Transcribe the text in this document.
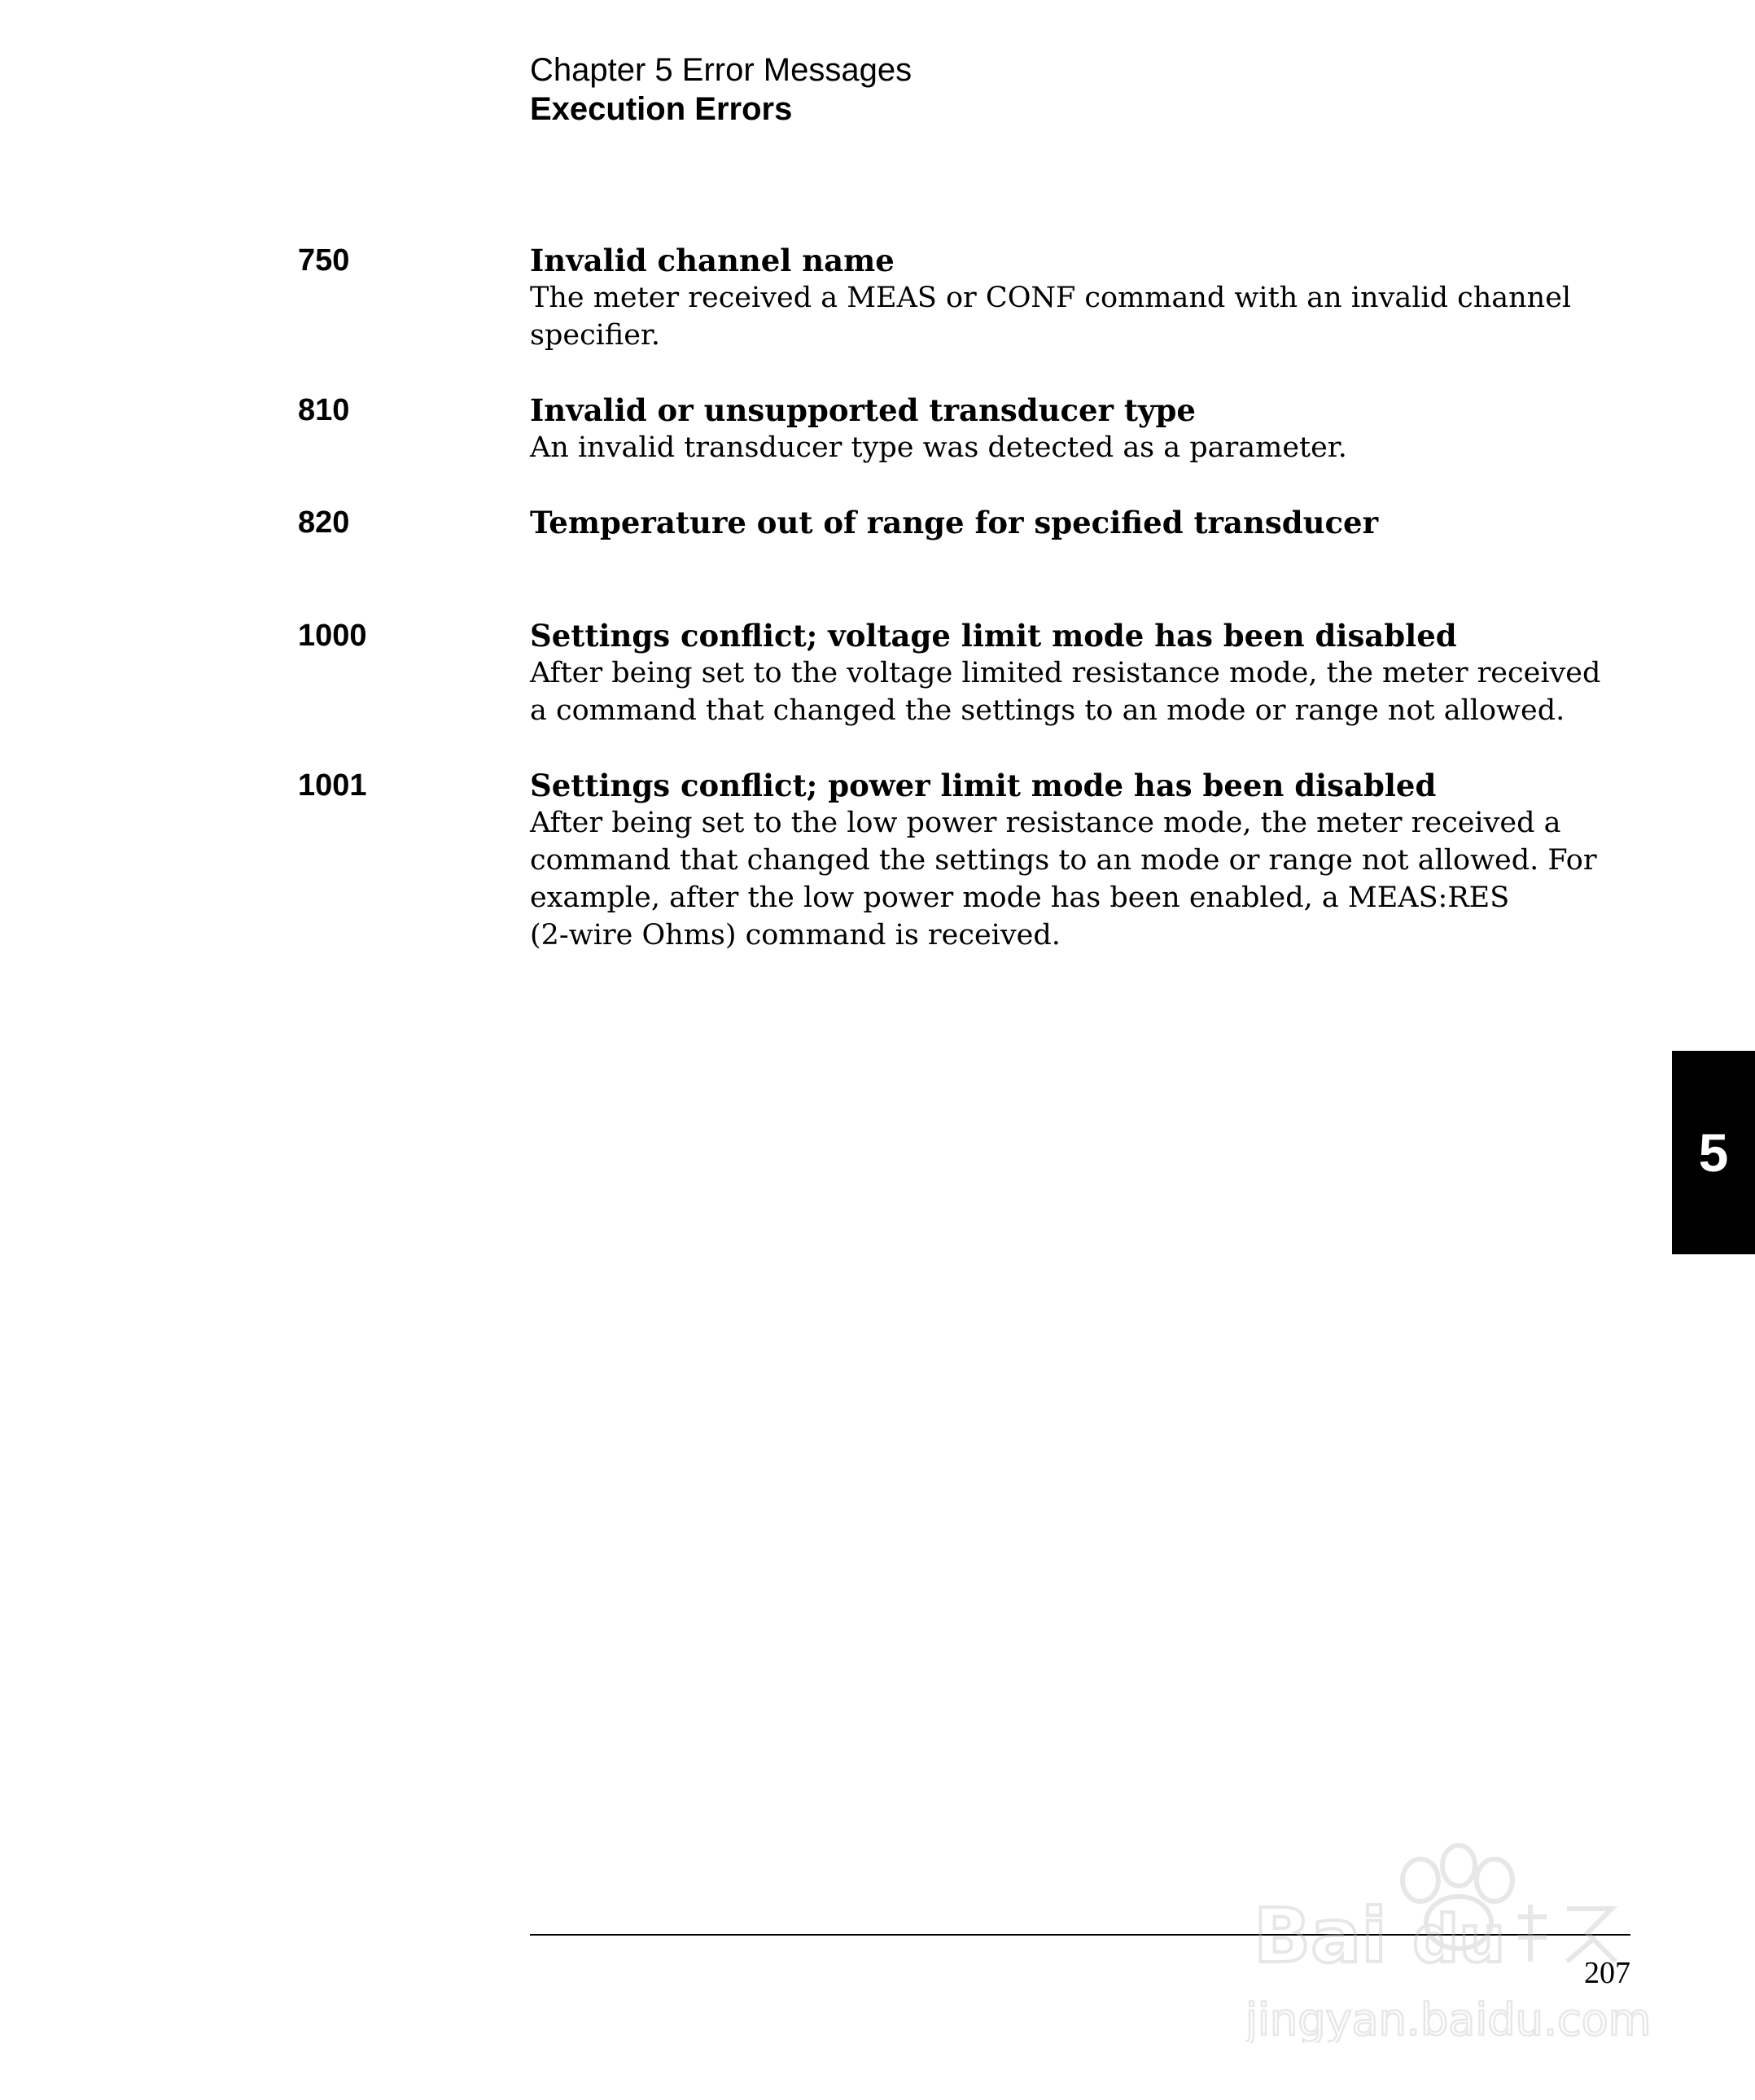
Chapter 5 Error Messages
Execution Errors
750	Invalid channel name
The meter received a MEAS or CONF command with an invalid channel
specifier.
810	Invalid or unsupported transducer type
An invalid transducer type was detected as a parameter.
820	Temperature out of range for specified transducer
1000	Settings conflict; voltage limit mode has been disabled
After being set to the voltage limited resistance mode, the meter received
a command that changed the settings to an mode or range not allowed.
1001	Settings conflict; power limit mode has been disabled
After being set to the low power resistance mode, the meter received a
command that changed the settings to an mode or range not allowed. For
example, after the low power mode has been enabled, a MEAS:RES
(2-wire Ohms) command is received.
5
207
Bai du
jingyan.baidu.com
